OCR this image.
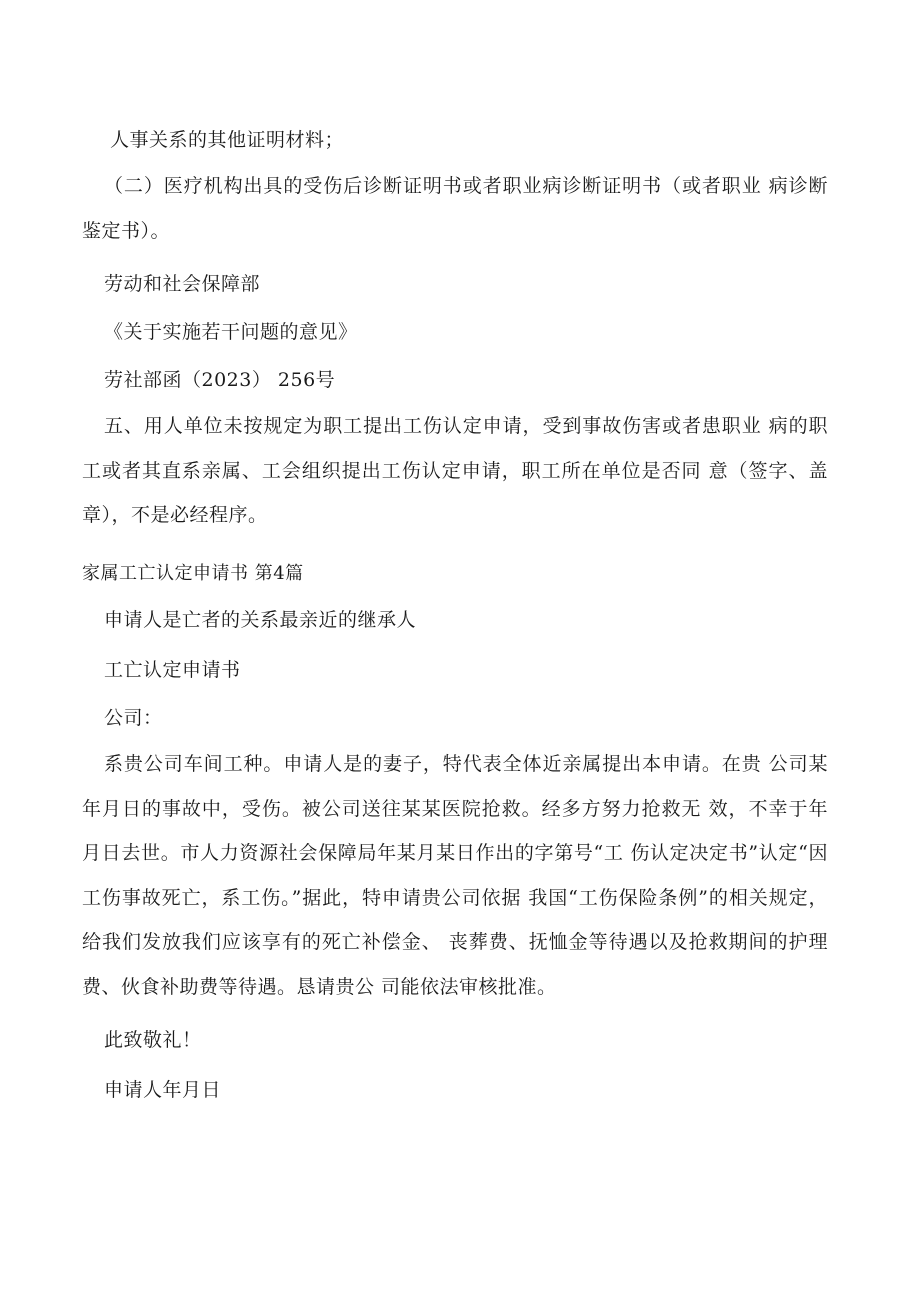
人事关系的其他证明材料；
（二）医疗机构出具的受伤后诊断证明书或者职业病诊断证明书（或者职业 病诊断鉴定书）。
劳动和社会保障部
《关于实施若干问题的意见》
劳社部函（2023） 256号
五、用人单位未按规定为职工提出工伤认定申请，受到事故伤害或者患职业 病的职工或者其直系亲属、工会组织提出工伤认定申请，职工所在单位是否同 意（签字、盖章），不是必经程序。
家属工亡认定申请书 第4篇
申请人是亡者的关系最亲近的继承人
工亡认定申请书
公司：
系贵公司车间工种。申请人是的妻子，特代表全体近亲属提出本申请。在贵 公司某年月日的事故中，受伤。被公司送往某某医院抢救。经多方努力抢救无 效，不幸于年月日去世。市人力资源社会保障局年某月某日作出的字第号“工 伤认定决定书”认定“因工伤事故死亡，系工伤。”据此，特申请贵公司依据 我国“工伤保险条例”的相关规定，给我们发放我们应该享有的死亡补偿金、 丧葬费、抚恤金等待遇以及抢救期间的护理费、伙食补助费等待遇。恳请贵公 司能依法审核批准。
此致敬礼！
申请人年月日
